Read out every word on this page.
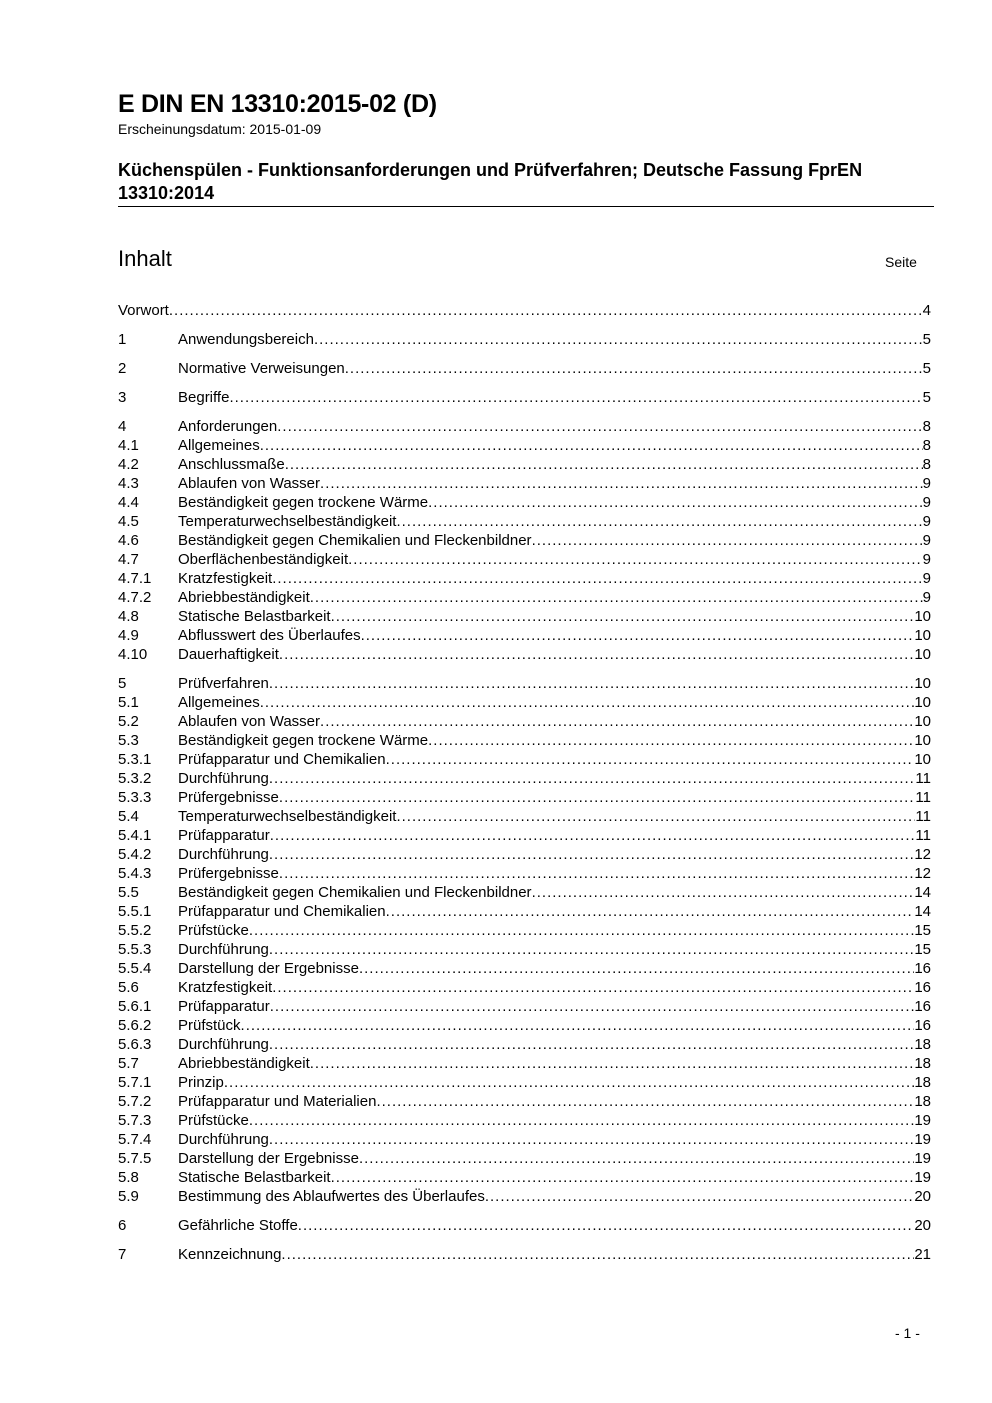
E DIN EN 13310:2015-02 (D)
Erscheinungsdatum: 2015-01-09
Küchenspülen - Funktionsanforderungen und Prüfverfahren; Deutsche Fassung FprEN 13310:2014
Inhalt	Seite
Vorwort .....	4
1	Anwendungsbereich .....	5
2	Normative Verweisungen .....	5
3	Begriffe .....	5
4	Anforderungen .....	8
4.1	Allgemeines .....	8
4.2	Anschlussmaße .....	8
4.3	Ablaufen von Wasser .....	9
4.4	Beständigkeit gegen trockene Wärme .....	9
4.5	Temperaturwechselbeständigkeit .....	9
4.6	Beständigkeit gegen Chemikalien und Fleckenbildner .....	9
4.7	Oberflächenbeständigkeit .....	9
4.7.1	Kratzfestigkeit .....	9
4.7.2	Abriebbeständigkeit .....	9
4.8	Statische Belastbarkeit .....	10
4.9	Abflusswert des Überlaufes .....	10
4.10	Dauerhaftigkeit .....	10
5	Prüfverfahren .....	10
5.1	Allgemeines .....	10
5.2	Ablaufen von Wasser .....	10
5.3	Beständigkeit gegen trockene Wärme .....	10
5.3.1	Prüfapparatur und Chemikalien .....	10
5.3.2	Durchführung .....	11
5.3.3	Prüfergebnisse .....	11
5.4	Temperaturwechselbeständigkeit .....	11
5.4.1	Prüfapparatur .....	11
5.4.2	Durchführung .....	12
5.4.3	Prüfergebnisse .....	12
5.5	Beständigkeit gegen Chemikalien und Fleckenbildner .....	14
5.5.1	Prüfapparatur und Chemikalien .....	14
5.5.2	Prüfstücke .....	15
5.5.3	Durchführung .....	15
5.5.4	Darstellung der Ergebnisse .....	16
5.6	Kratzfestigkeit .....	16
5.6.1	Prüfapparatur .....	16
5.6.2	Prüfstück .....	16
5.6.3	Durchführung .....	18
5.7	Abriebbeständigkeit .....	18
5.7.1	Prinzip .....	18
5.7.2	Prüfapparatur und Materialien .....	18
5.7.3	Prüfstücke .....	19
5.7.4	Durchführung .....	19
5.7.5	Darstellung der Ergebnisse .....	19
5.8	Statische Belastbarkeit .....	19
5.9	Bestimmung des Ablaufwertes des Überlaufes .....	20
6	Gefährliche Stoffe .....	20
7	Kennzeichnung .....	21
- 1 -
